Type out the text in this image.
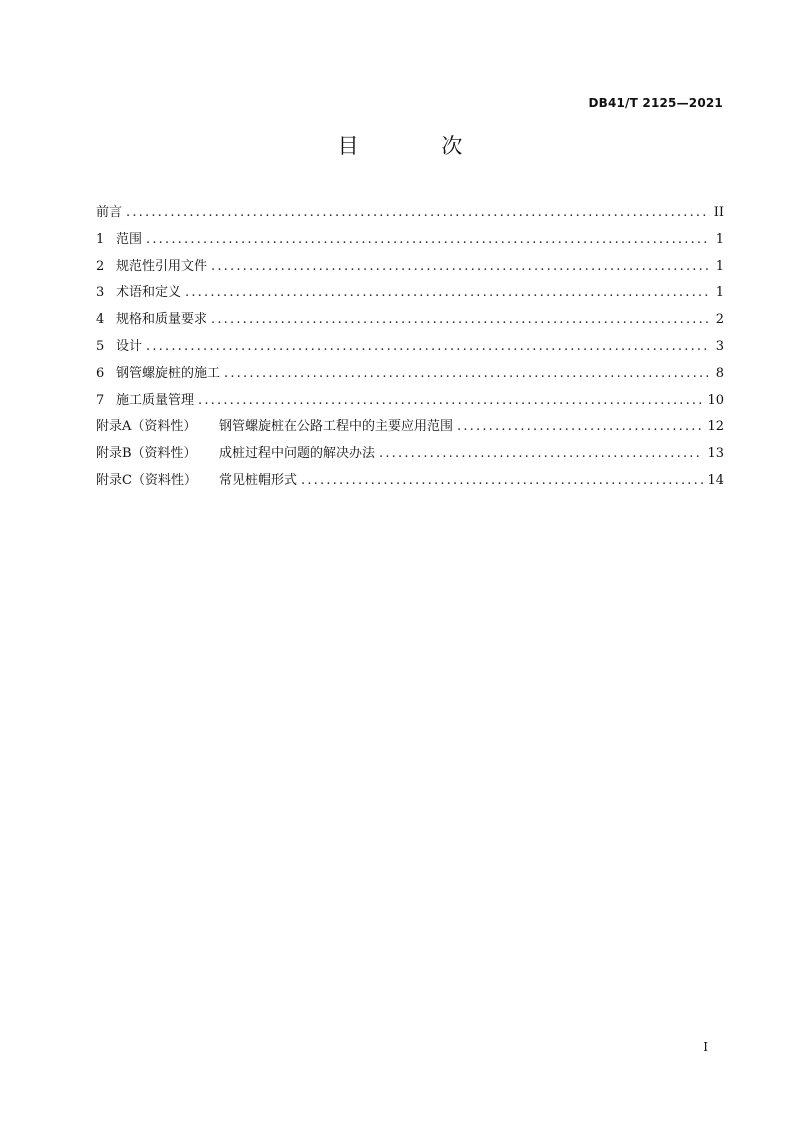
DB41/T 2125—2021
目 次
前言 .....	II
1 范围 .....	1
2 规范性引用文件 .....	1
3 术语和定义 .....	1
4 规格和质量要求 .....	2
5 设计 .....	3
6 钢管螺旋桩的施工 .....	8
7 施工质量管理 .....	10
附录A（资料性）	钢管螺旋桩在公路工程中的主要应用范围 .....	12
附录B（资料性）	成桩过程中问题的解决办法 .....	13
附录C（资料性）	常见桩帽形式 .....	14
I
